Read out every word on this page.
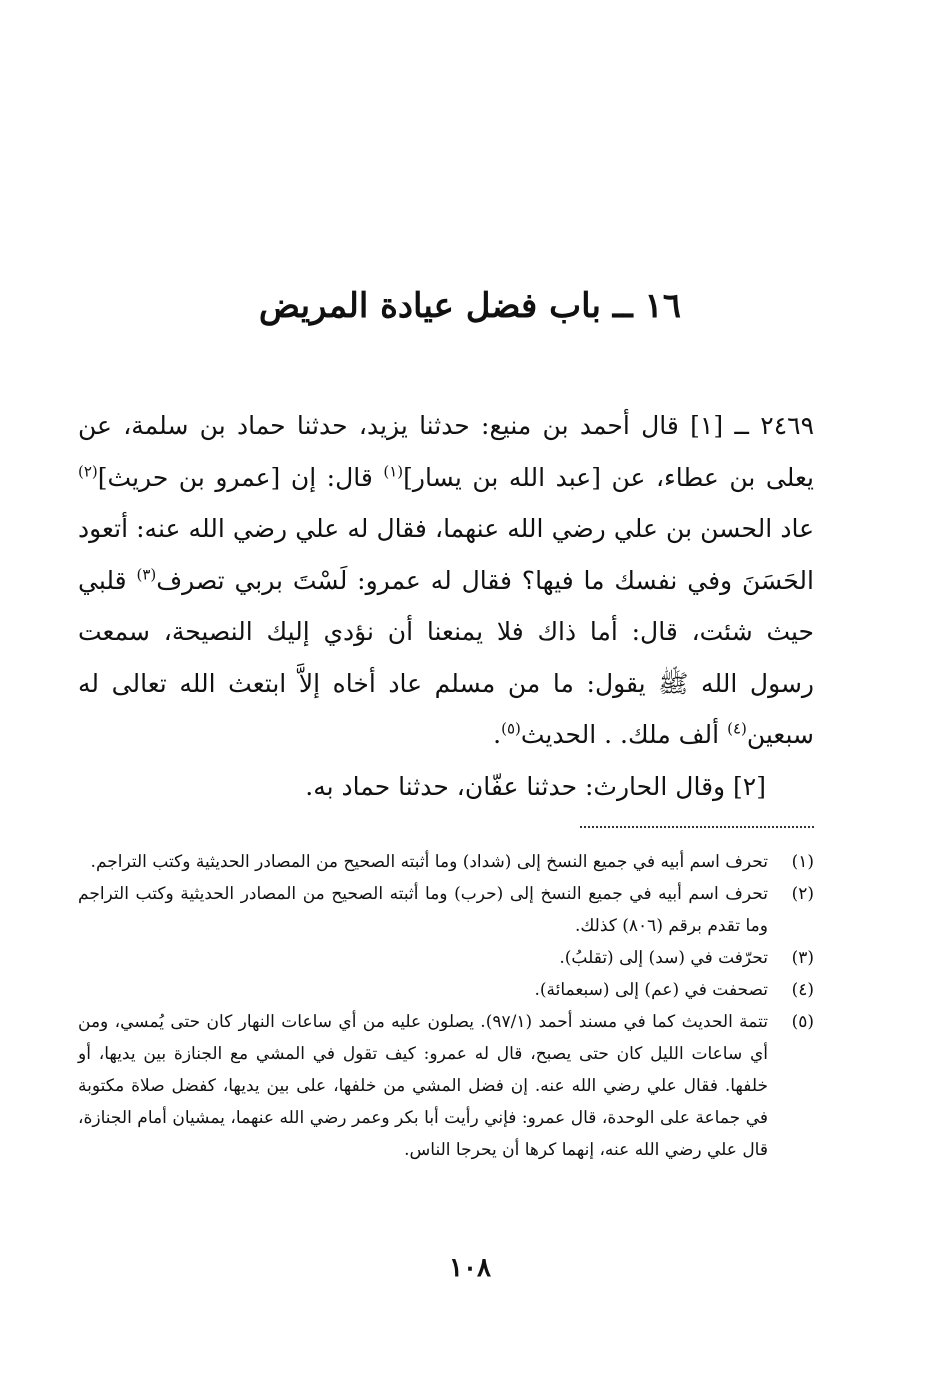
١٦ ــ باب فضل عيادة المريض

٢٤٦٩ ــ [١] قال أحمد بن منيع: حدثنا يزيد، حدثنا حماد بن سلمة، عن يعلى بن عطاء، عن [عبد الله بن يسار]$^{(١)}$ قال: إن [عمرو بن حريث]$^{(٢)}$ عاد الحسن بن علي رضي الله عنهما، فقال له علي رضي الله عنه: أتعود الحَسَنَ وفي نفسك ما فيها؟ فقال له عمرو: لَسْتَ بربي تصرف$^{(٣)}$ قلبي حيث شئت، قال: أما ذاك فلا يمنعنا أن نؤدي إليك النصيحة، سمعت رسول الله ﷺ يقول: ما من مسلم عاد أخاه إلاَّ ابتعث الله تعالى له سبعين$^{(٤)}$ ألف ملك. . الحديث$^{(٥)}$.

[٢] وقال الحارث: حدثنا عفّان، حدثنا حماد به.

(١)
تحرف اسم أبيه في جميع النسخ إلى (شداد) وما أثبته الصحيح من المصادر الحديثية وكتب التراجم.
(٢)
تحرف اسم أبيه في جميع النسخ إلى (حرب) وما أثبته الصحيح من المصادر الحديثية وكتب التراجم وما تقدم برقم (٨٠٦) كذلك.
(٣)
تحرّفت في (سد) إلى (تقلبُ).
(٤)
تصحفت في (عم) إلى (سبعمائة).
(٥)
تتمة الحديث كما في مسند أحمد (٩٧/١). يصلون عليه من أي ساعات النهار كان حتى يُمسي، ومن أي ساعات الليل كان حتى يصبح، قال له عمرو: كيف تقول في المشي مع الجنازة بين يديها، أو خلفها. فقال علي رضي الله عنه. إن فضل المشي من خلفها، على بين يديها، كفضل صلاة مكتوبة في جماعة على الوحدة، قال عمرو: فإني رأيت أبا بكر وعمر رضي الله عنهما، يمشيان أمام الجنازة، قال علي رضي الله عنه، إنهما كرها أن يحرجا الناس.
١٠٨
